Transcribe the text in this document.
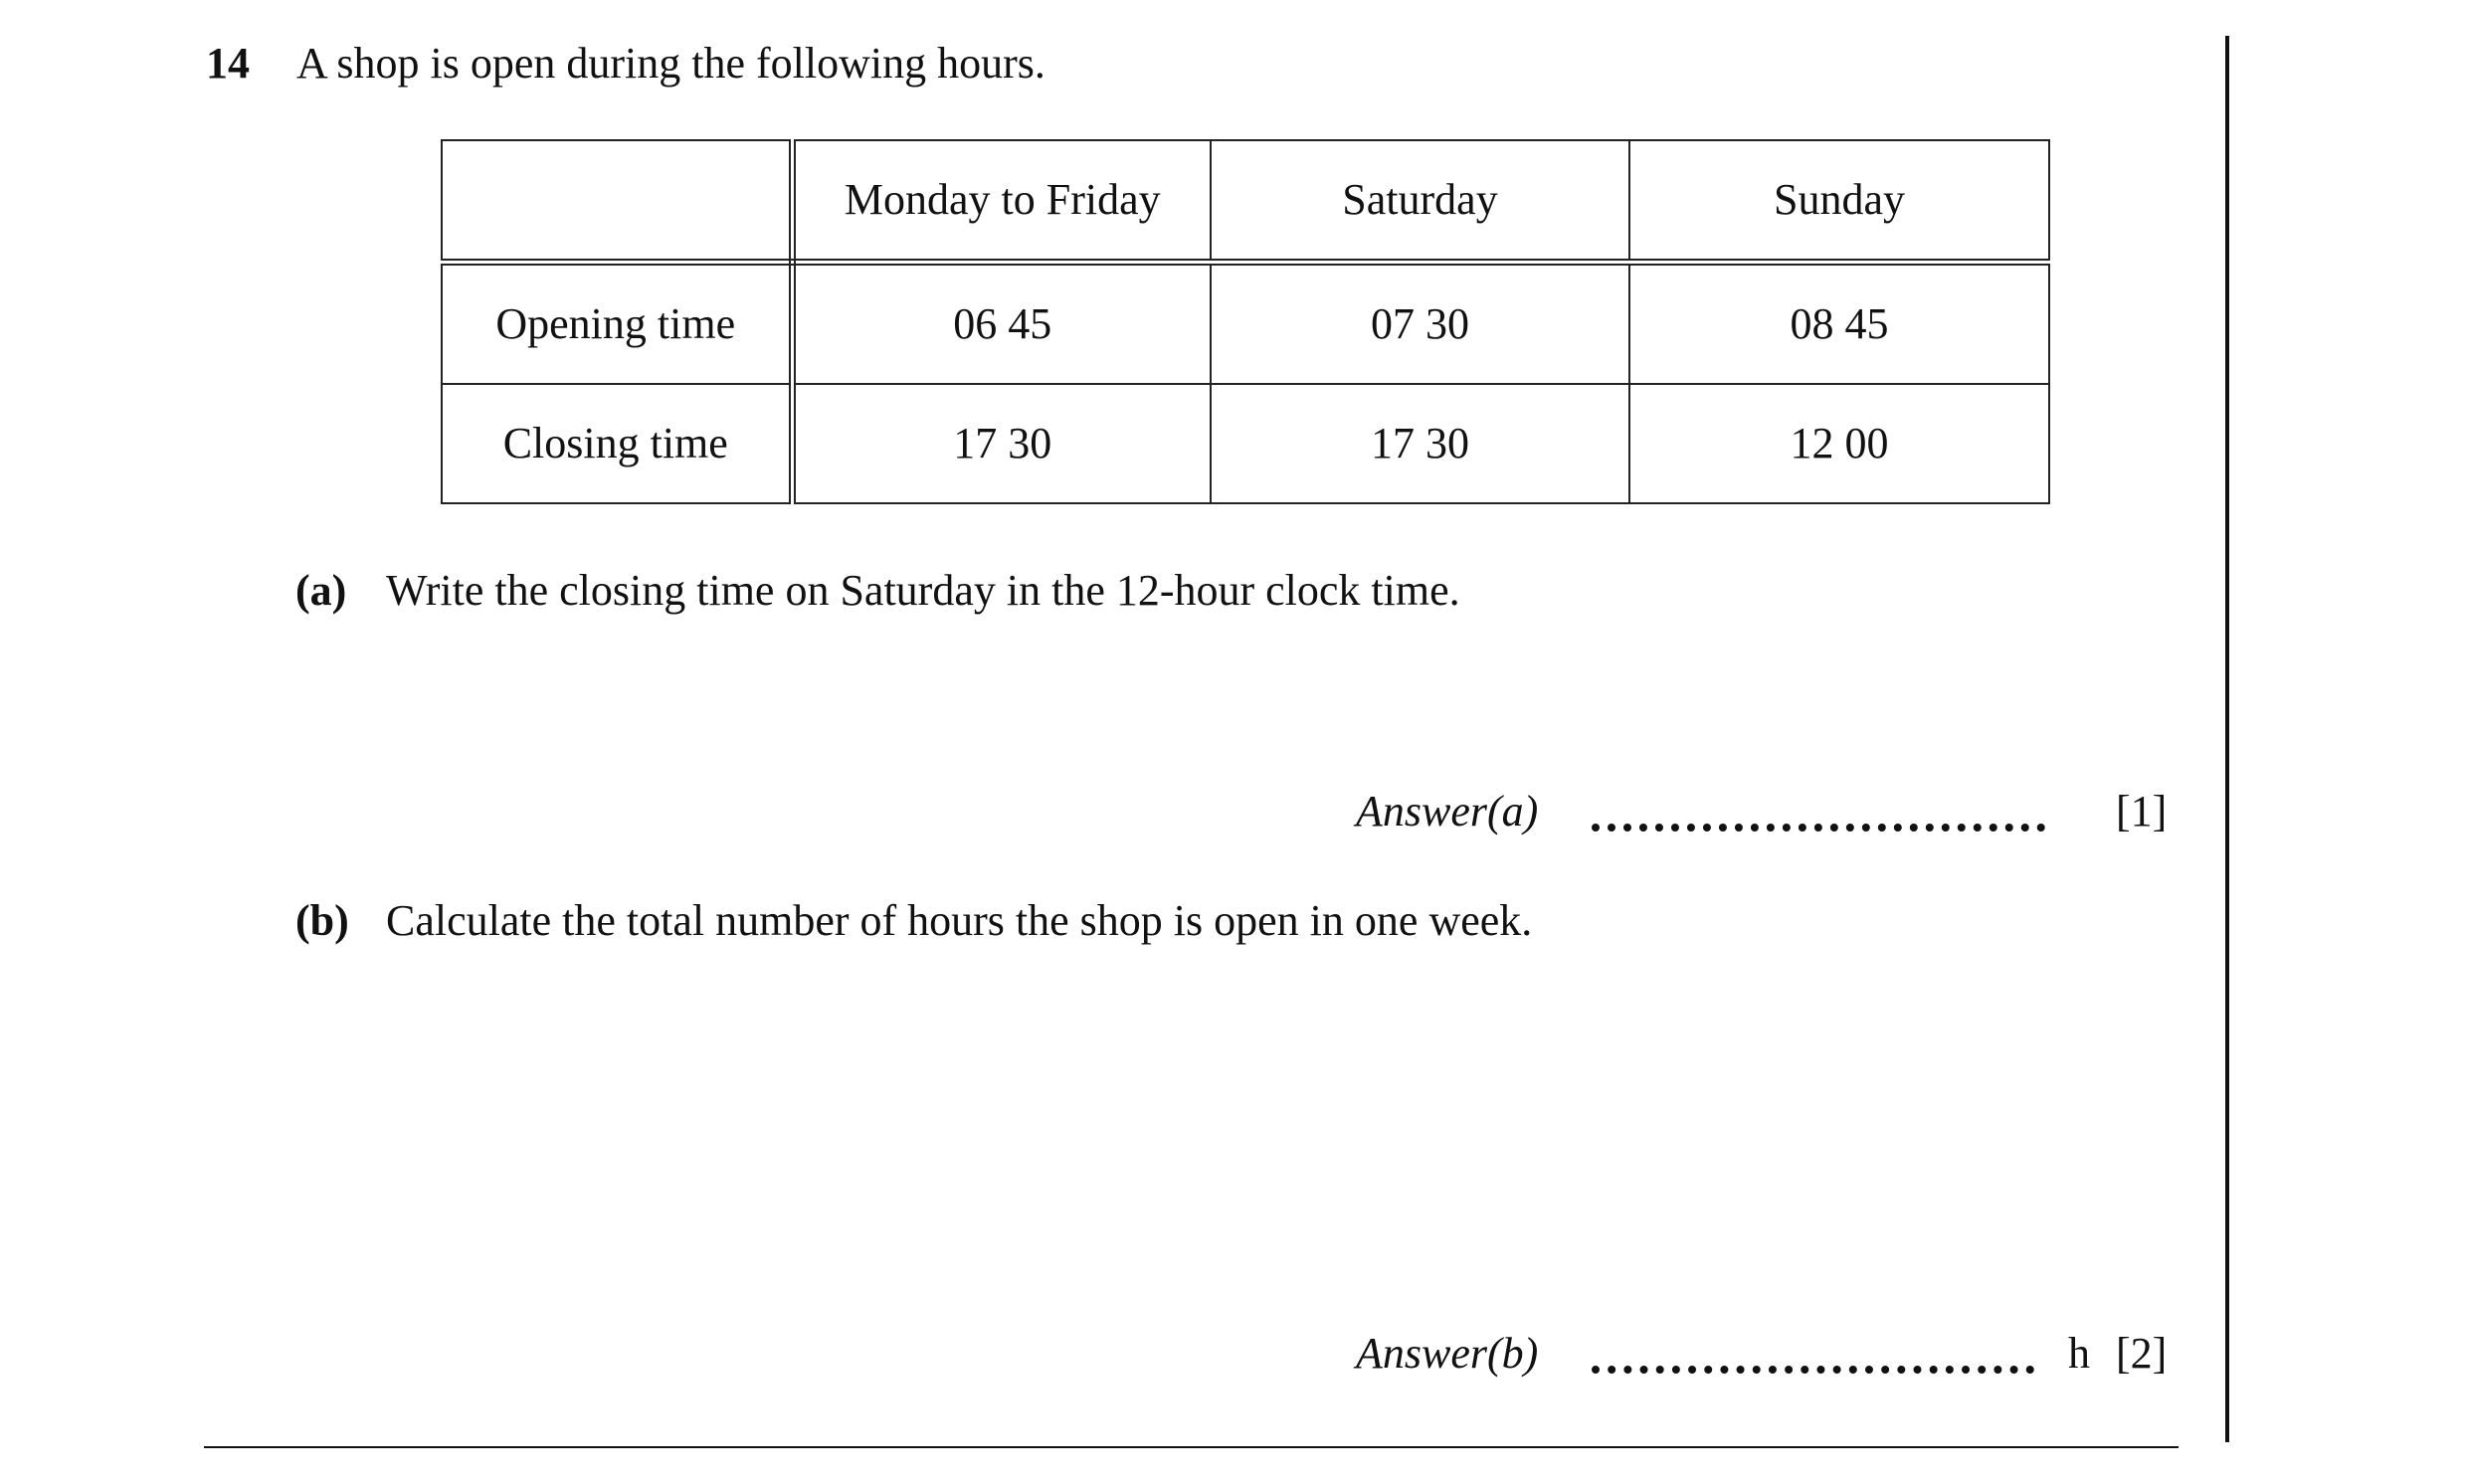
14 A shop is open during the following hours.
	Monday to Friday	Saturday	Sunday
Opening time	06 45	07 30	08 45
Closing time	17 30	17 30	12 00
(a) Write the closing time on Saturday in the 12-hour clock time.
Answer(a)	[1]
(b) Calculate the total number of hours the shop is open in one week.
Answer(b)	h [2]
